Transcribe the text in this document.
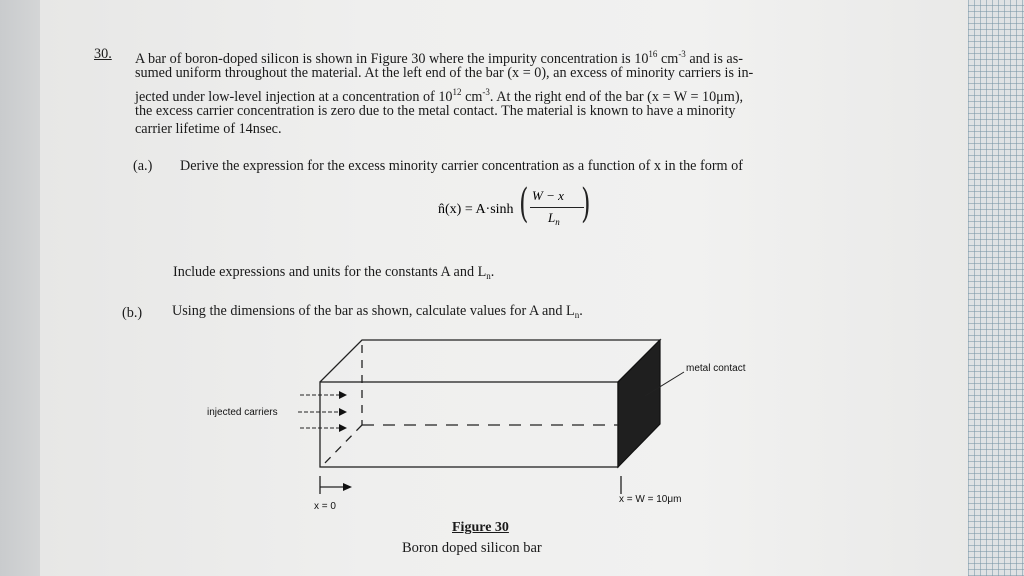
30. A bar of boron-doped silicon is shown in Figure 30 where the impurity concentration is $10^{16}$ $cm^{-3}$ and is as-
sumed uniform throughout the material. At the left end of the bar (x = 0), an excess of minority carriers is in-
jected under low-level injection at a concentration of $10^{12}$ $cm^{-3}$. At the right end of the bar (x = W = 10μm),
the excess carrier concentration is zero due to the metal contact. The material is known to have a minority
carrier lifetime of 14nsec.
(a.) Derive the expression for the excess minority carrier concentration as a function of x in the form of
n̂(x) = A·sinh ( W − x
$L_n$ )
Include expressions and units for the constants A and $L_n$.
(b.) Using the dimensions of the bar as shown, calculate values for A and $L_n$.
metal contact
injected carriers
x = 0
x = W = 10μm
Figure 30
Boron doped silicon bar
